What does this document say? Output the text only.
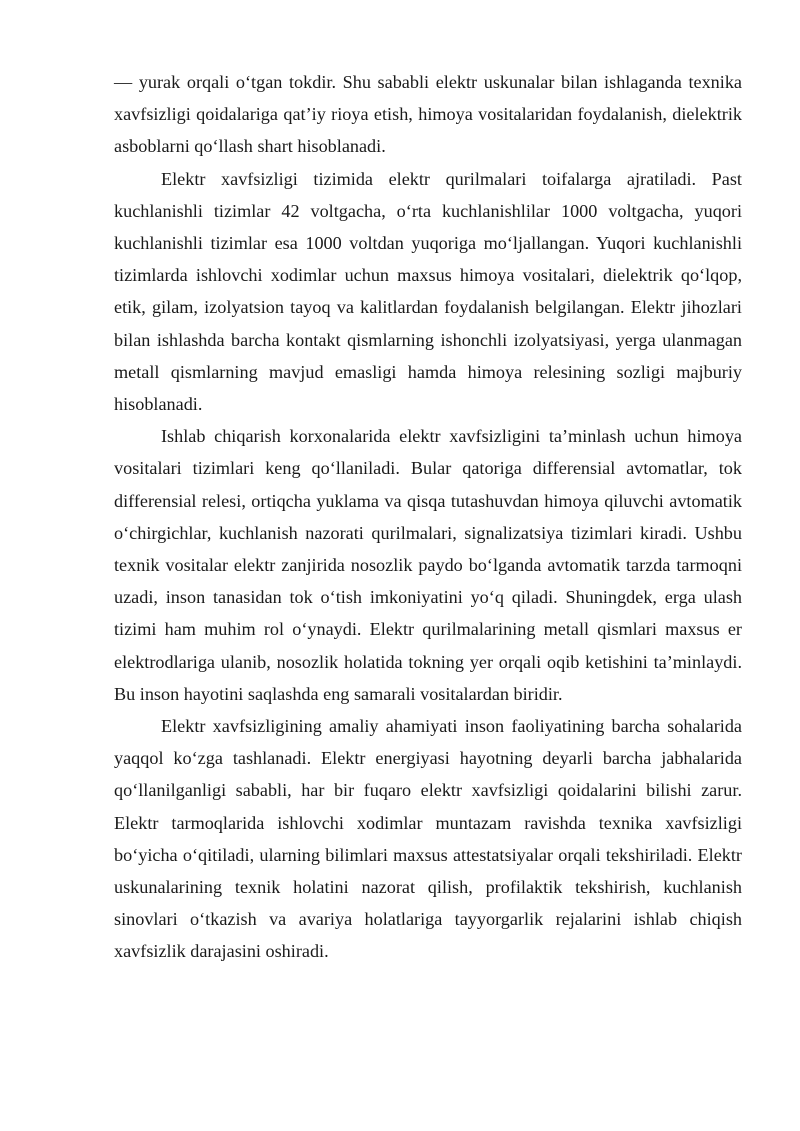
— yurak orqali o‘tgan tokdir. Shu sababli elektr uskunalar bilan ishlaganda texnika xavfsizligi qoidalariga qat’iy rioya etish, himoya vositalaridan foydalanish, dielektrik asboblarni qo‘llash shart hisoblanadi.

Elektr xavfsizligi tizimida elektr qurilmalari toifalarga ajratiladi. Past kuchlanishli tizimlar 42 voltgacha, o‘rta kuchlanishlilar 1000 voltgacha, yuqori kuchlanishli tizimlar esa 1000 voltdan yuqoriga mo‘ljallangan. Yuqori kuchlanishli tizimlarda ishlovchi xodimlar uchun maxsus himoya vositalari, dielektrik qo‘lqop, etik, gilam, izolyatsion tayoq va kalitlardan foydalanish belgilangan. Elektr jihozlari bilan ishlashda barcha kontakt qismlarning ishonchli izolyatsiyasi, yerga ulanmagan metall qismlarning mavjud emasligi hamda himoya relesining sozligi majburiy hisoblanadi.

Ishlab chiqarish korxonalarida elektr xavfsizligini ta’minlash uchun himoya vositalari tizimlari keng qo‘llaniladi. Bular qatoriga differensial avtomatlar, tok differensial relesi, ortiqcha yuklama va qisqa tutashuvdan himoya qiluvchi avtomatik o‘chirgichlar, kuchlanish nazorati qurilmalari, signalizatsiya tizimlari kiradi. Ushbu texnik vositalar elektr zanjirida nosozlik paydo bo‘lganda avtomatik tarzda tarmoqni uzadi, inson tanasidan tok o‘tish imkoniyatini yo‘q qiladi. Shuningdek, erga ulash tizimi ham muhim rol o‘ynaydi. Elektr qurilmalarining metall qismlari maxsus er elektrodlariga ulanib, nosozlik holatida tokning yer orqali oqib ketishini ta’minlaydi. Bu inson hayotini saqlashda eng samarali vositalardan biridir.

Elektr xavfsizligining amaliy ahamiyati inson faoliyatining barcha sohalarida yaqqol ko‘zga tashlanadi. Elektr energiyasi hayotning deyarli barcha jabhalarida qo‘llanilganligi sababli, har bir fuqaro elektr xavfsizligi qoidalarini bilishi zarur. Elektr tarmoqlarida ishlovchi xodimlar muntazam ravishda texnika xavfsizligi bo‘yicha o‘qitiladi, ularning bilimlari maxsus attestatsiyalar orqali tekshiriladi. Elektr uskunalarining texnik holatini nazorat qilish, profilaktik tekshirish, kuchlanish sinovlari o‘tkazish va avariya holatlariga tayyorgarlik rejalarini ishlab chiqish xavfsizlik darajasini oshiradi.
